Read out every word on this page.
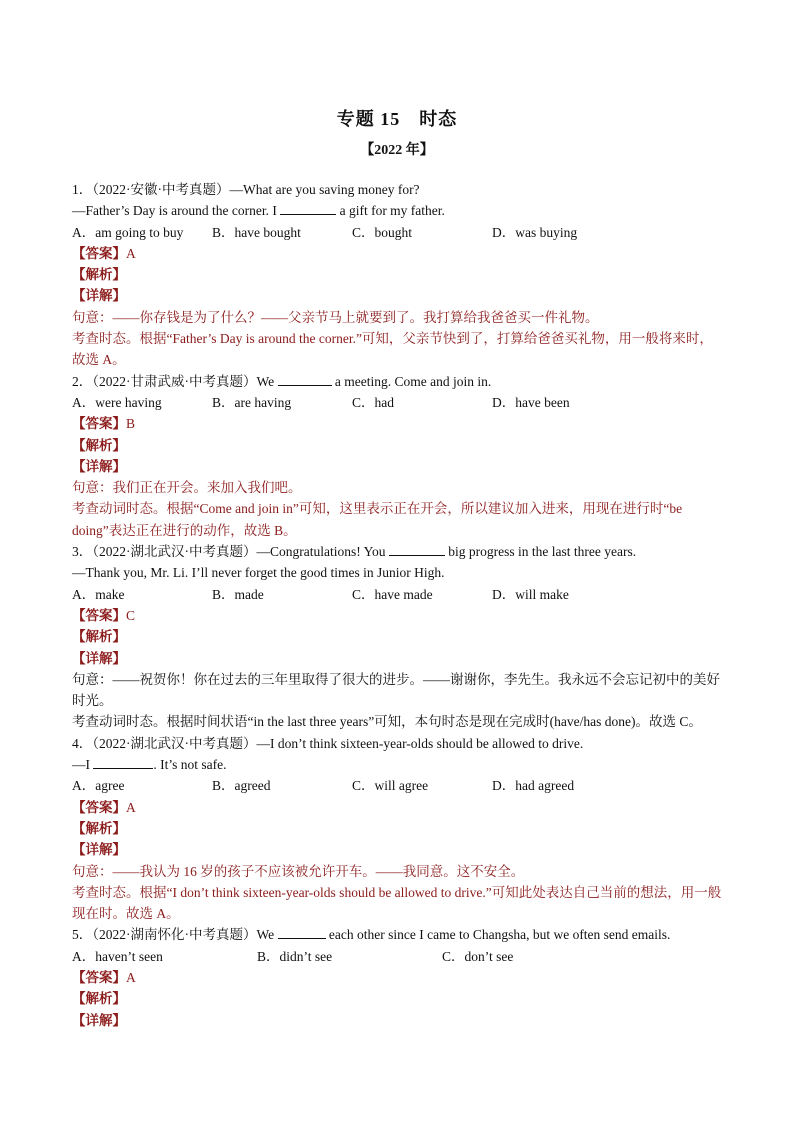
专题 15　时态
【2022 年】
1．（2022·安徽·中考真题）—What are you saving money for?
—Father’s Day is around the corner. I	a gift for my father.
A．am going to buy	B．have bought	C．bought	D．was buying
【答案】A
【解析】
【详解】
句意：——你存钱是为了什么？——父亲节马上就要到了。我打算给我爸爸买一件礼物。
考查时态。根据“Father’s Day is around the corner.”可知，父亲节快到了，打算给爸爸买礼物，用一般将来时，故选 A。
2．（2022·甘肃武威·中考真题）We	a meeting. Come and join in.
A．were having	B．are having	C．had	D．have been
【答案】B
【解析】
【详解】
句意：我们正在开会。来加入我们吧。
考查动词时态。根据“Come and join in”可知，这里表示正在开会，所以建议加入进来，用现在进行时“be doing”表达正在进行的动作，故选 B。
3．（2022·湖北武汉·中考真题）—Congratulations! You	big progress in the last three years.
—Thank you, Mr. Li. I’ll never forget the good times in Junior High.
A．make	B．made	C．have made	D．will make
【答案】C
【解析】
【详解】
句意：——祝贺你！你在过去的三年里取得了很大的进步。——谢谢你，李先生。我永远不会忘记初中的美好时光。
考查动词时态。根据时间状语“in the last three years”可知，本句时态是现在完成时(have/has done)。故选 C。
4．（2022·湖北武汉·中考真题）—I don’t think sixteen-year-olds should be allowed to drive.
—I	. It’s not safe.
A．agree	B．agreed	C．will agree	D．had agreed
【答案】A
【解析】
【详解】
句意：——我认为 16 岁的孩子不应该被允许开车。——我同意。这不安全。
考查时态。根据“I don’t think sixteen-year-olds should be allowed to drive.”可知此处表达自己当前的想法，用一般现在时。故选 A。
5．（2022·湖南怀化·中考真题）We	each other since I came to Changsha, but we often send emails.
A．haven’t seen	B．didn’t see	C．don’t see
【答案】A
【解析】
【详解】
